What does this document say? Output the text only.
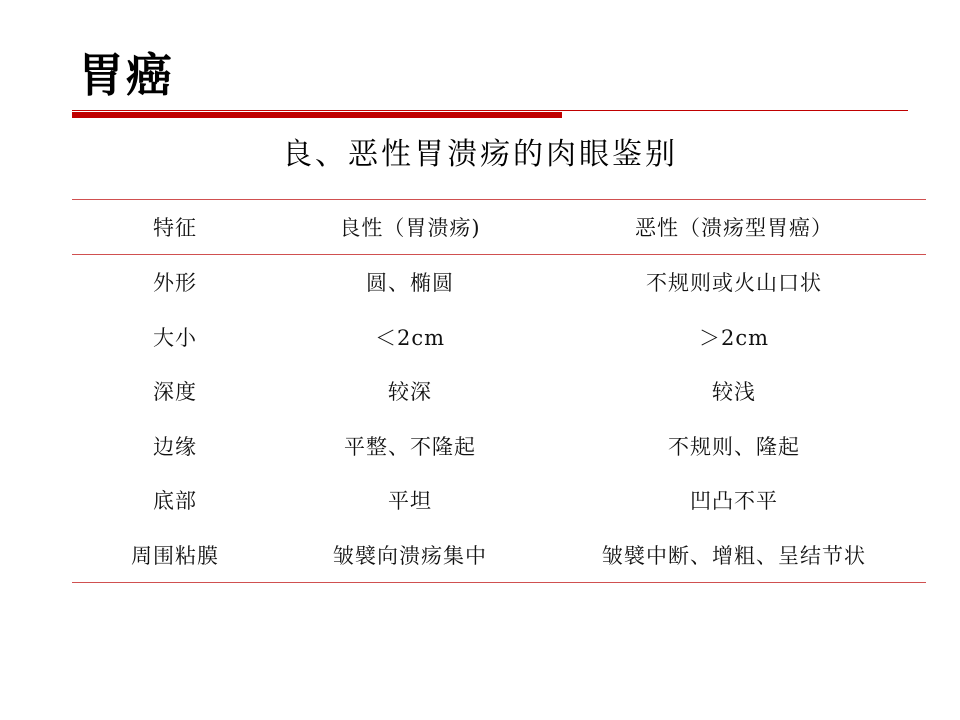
胃癌
良、恶性胃溃疡的肉眼鉴别
特征	良性（胃溃疡)	恶性（溃疡型胃癌）
外形	圆、椭圆	不规则或火山口状
大小	＜2cm	＞2cm
深度	较深	较浅
边缘	平整、不隆起	不规则、隆起
底部	平坦	凹凸不平
周围粘膜	皱襞向溃疡集中	皱襞中断、增粗、呈结节状
